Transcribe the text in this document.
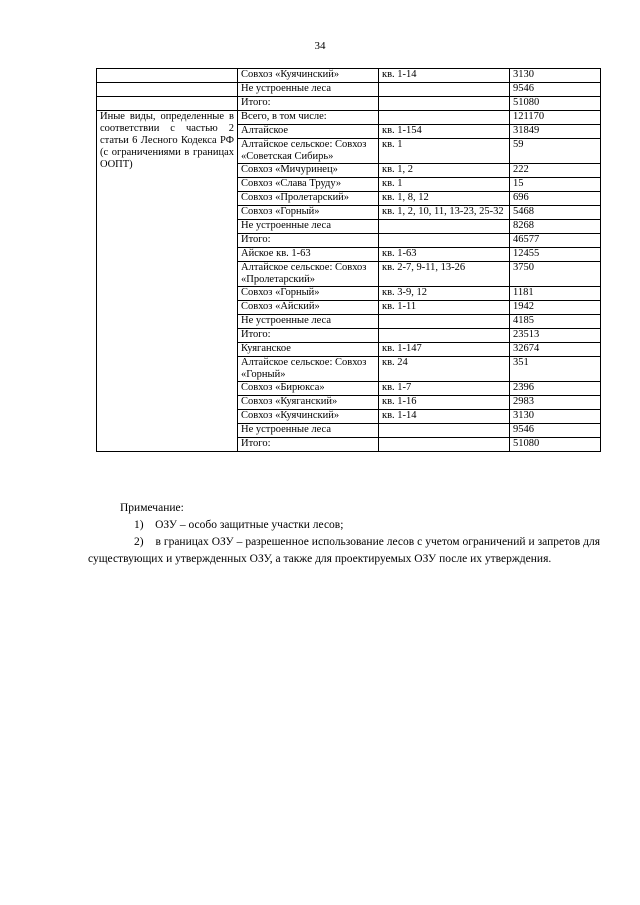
34
	Совхоз «Куячинский»	кв. 1-14	3130
	Не устроенные леса		9546
	Итого:		51080
Иные виды, определенные в соответствии с частью 2 статьи 6 Лесного Кодекса РФ (с ограничениями в границах ООПТ)	Всего, в том числе:		121170
	Алтайское	кв. 1-154	31849
	Алтайское сельское: Совхоз «Советская Сибирь»	кв. 1	59
	Совхоз «Мичуринец»	кв. 1, 2	222
	Совхоз «Слава Труду»	кв. 1	15
	Совхоз «Пролетарский»	кв. 1, 8, 12	696
	Совхоз «Горный»	кв. 1, 2, 10, 11, 13-23, 25-32	5468
	Не устроенные леса		8268
	Итого:		46577
	Айское кв. 1-63	кв. 1-63	12455
	Алтайское сельское: Совхоз «Пролетарский»	кв. 2-7, 9-11, 13-26	3750
	Совхоз «Горный»	кв. 3-9, 12	1181
	Совхоз «Айский»	кв. 1-11	1942
	Не устроенные леса		4185
	Итого:		23513
	Куяганское	кв. 1-147	32674
	Алтайское сельское: Совхоз «Горный»	кв. 24	351
	Совхоз «Бирюкса»	кв. 1-7	2396
	Совхоз «Куяганский»	кв. 1-16	2983
	Совхоз «Куячинский»	кв. 1-14	3130
	Не устроенные леса		9546
	Итого:		51080

Примечание:

1) ОЗУ – особо защитные участки лесов;

2) в границах ОЗУ – разрешенное использование лесов с учетом ограничений и запретов для существующих и утвержденных ОЗУ, а также для проектируемых ОЗУ после их утверждения.
